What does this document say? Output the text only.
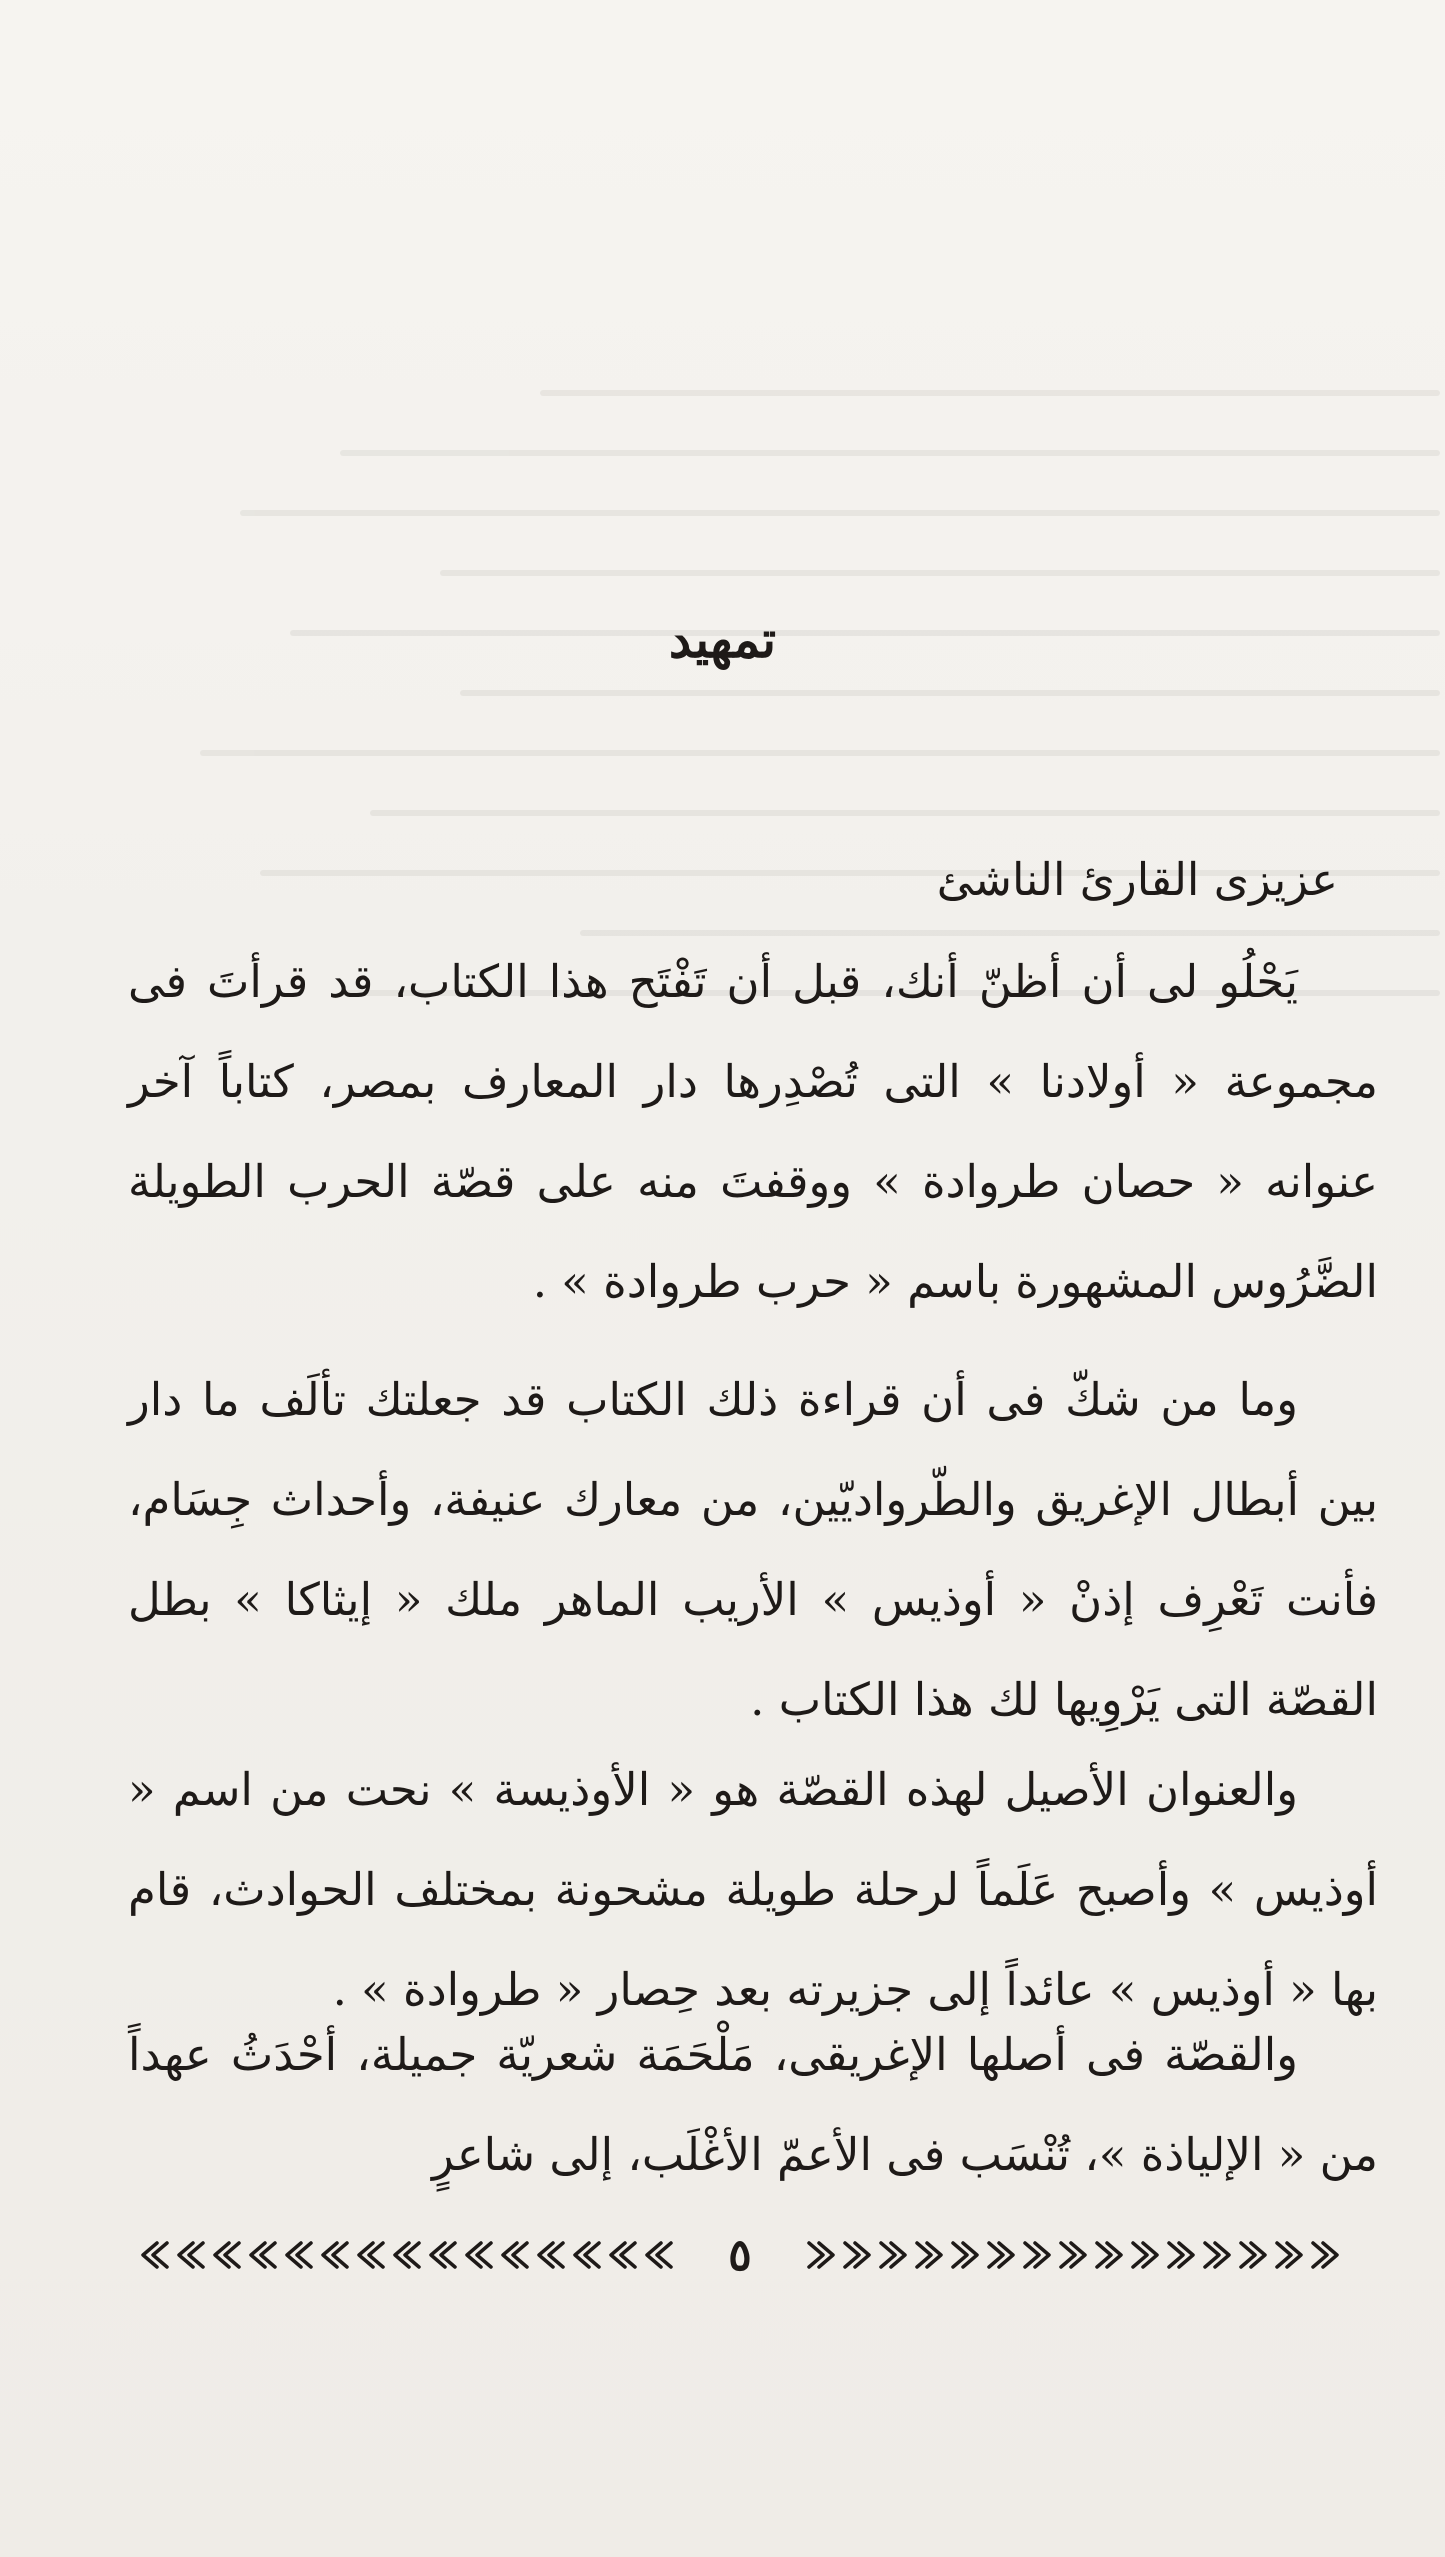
تمهيد
عزيزى القارئ الناشئ

يَحْلُو لى أن أظنّ أنك، قبل أن تَفْتَح هذا الكتاب، قد قرأتَ فى مجموعة « أولادنا » التى تُصْدِرها دار المعارف بمصر، كتاباً آخر عنوانه « حصان طروادة » ووقفتَ منه على قصّة الحرب الطويلة الضَّرُوس المشهورة باسم « حرب طروادة » .

وما من شكّ فى أن قراءة ذلك الكتاب قد جعلتك تألَف ما دار بين أبطال الإغريق والطّرواديّين، من معارك عنيفة، وأحداث جِسَام، فأنت تَعْرِف إذنْ « أوذيس » الأريب الماهر ملك « إيثاكا » بطل القصّة التى يَرْوِيها لك هذا الكتاب .

والعنوان الأصيل لهذه القصّة هو « الأوذيسة » نحت من اسم « أوذيس » وأصبح عَلَماً لرحلة طويلة مشحونة بمختلف الحوادث، قام بها « أوذيس » عائداً إلى جزيرته بعد حِصار « طروادة » .

والقصّة فى أصلها الإغريقى، مَلْحَمَة شعريّة جميلة، أحْدَثُ عهداً من « الإلياذة »، تُنْسَب فى الأعمّ الأغْلَب، إلى شاعرٍ

٥
